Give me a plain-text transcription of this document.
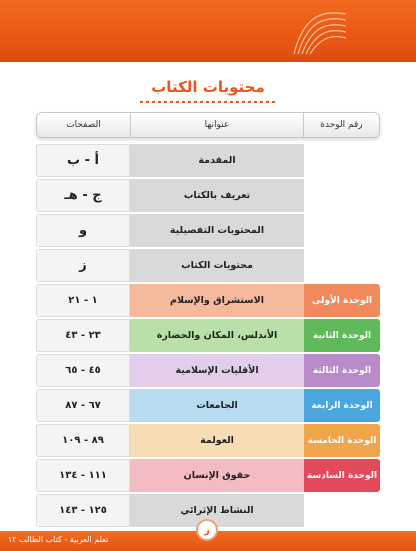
محتويات الكتاب
رقم الوحدة
عنوانها
الصفحات
المقدمة
أ - ب
تعريف بالكتاب
ج - هـ
المحتويات التفصيلية
و
محتويات الكتاب
ز
الوحدة الأولى
الاستشراق والإسلام
١ - ٢١
الوحدة الثانية
الأندلس، المكان والحضارة
٢٣ - ٤٣
الوحدة الثالثة
الأقليات الإسلامية
٤٥ - ٦٥
الوحدة الرابعة
الجامعات
٦٧ - ٨٧
الوحدة الخامسة
العولمة
٨٩ - ١٠٩
الوحدة السادسة
حقوق الإنسان
١١١ - ١٣٤
النشاط الإثرائي
١٢٥ - ١٤٣
ز
تعلم العربية - كتاب الطالب ١٢
